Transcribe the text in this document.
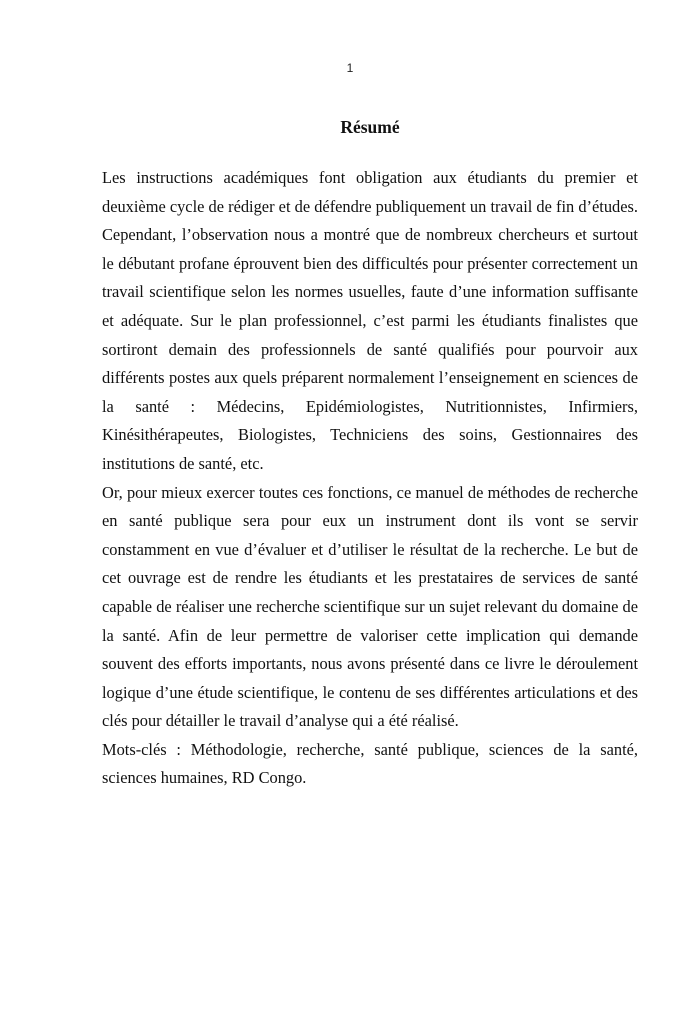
1
Résumé

Les instructions académiques font obligation aux étudiants du premier et deuxième cycle de rédiger et de défendre publiquement un travail de fin d’études. Cependant, l’observation nous a montré que de nombreux chercheurs et surtout le débutant profane éprouvent bien des difficultés pour présenter correctement un travail scientifique selon les normes usuelles, faute d’une information suffisante et adéquate. Sur le plan professionnel, c’est parmi les étudiants finalistes que sortiront demain des professionnels de santé qualifiés pour pourvoir aux différents postes aux quels préparent normalement l’enseignement en sciences de la santé : Médecins, Epidémiologistes, Nutritionnistes, Infirmiers, Kinésithérapeutes, Biologistes, Techniciens des soins, Gestionnaires des institutions de santé, etc.

Or, pour mieux exercer toutes ces fonctions, ce manuel de méthodes de recherche en santé publique sera pour eux un instrument dont ils vont se servir constamment en vue d’évaluer et d’utiliser le résultat de la recherche. Le but de cet ouvrage est de rendre les étudiants et les prestataires de services de santé capable de réaliser une recherche scientifique sur un sujet relevant du domaine de la santé. Afin de leur permettre de valoriser cette implication qui demande souvent des efforts importants, nous avons présenté dans ce livre le déroulement logique d’une étude scientifique, le contenu de ses différentes articulations et des clés pour détailler le travail d’analyse qui a été réalisé.

Mots-clés : Méthodologie, recherche, santé publique, sciences de la santé, sciences humaines, RD Congo.
